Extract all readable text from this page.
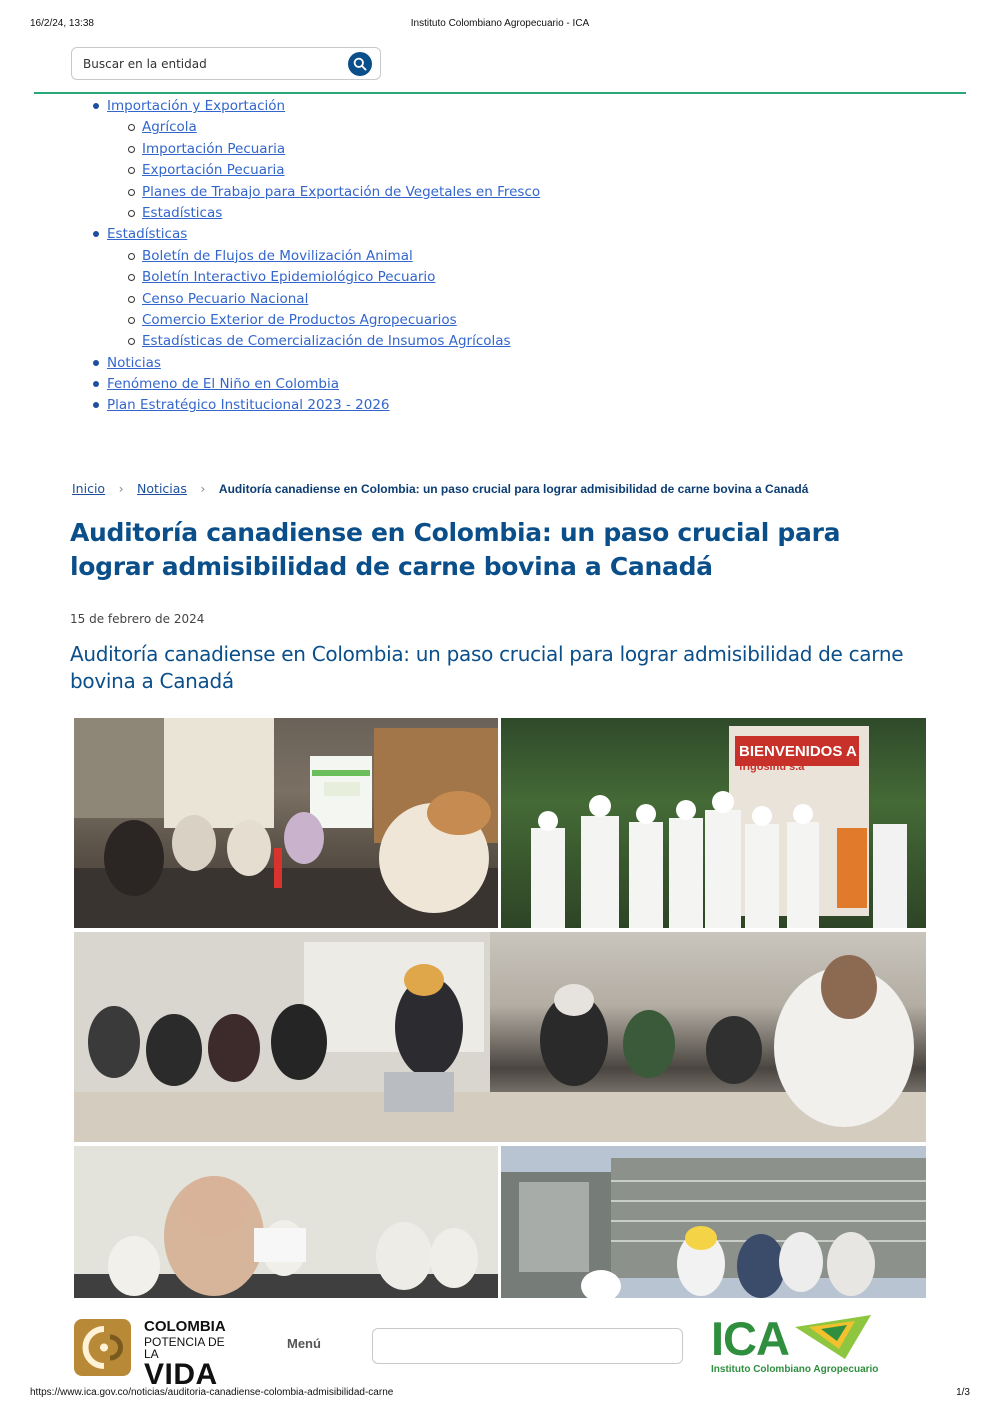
16/2/24, 13:38	Instituto Colombiano Agropecuario - ICA
Buscar en la entidad
Importación y Exportación
Agrícola
Importación Pecuaria
Exportación Pecuaria
Planes de Trabajo para Exportación de Vegetales en Fresco
Estadísticas
Estadísticas
Boletín de Flujos de Movilización Animal
Boletín Interactivo Epidemiológico Pecuario
Censo Pecuario Nacional
Comercio Exterior de Productos Agropecuarios
Estadísticas de Comercialización de Insumos Agrícolas
Noticias
Fenómeno de El Niño en Colombia
Plan Estratégico Institucional 2023 - 2026
Inicio › Noticias › Auditoría canadiense en Colombia: un paso crucial para lograr admisibilidad de carne bovina a Canadá
Auditoría canadiense en Colombia: un paso crucial para lograr admisibilidad de carne bovina a Canadá
15 de febrero de 2024
Auditoría canadiense en Colombia: un paso crucial para lograr admisibilidad de carne bovina a Canadá
BIENVENIDOS A
frigosinu s.a
COLOMBIA
POTENCIA DE LA
VIDA
Menú	ICA
Instituto Colombiano Agropecuario
https://www.ica.gov.co/noticias/auditoria-canadiense-colombia-admisibilidad-carne	1/3
